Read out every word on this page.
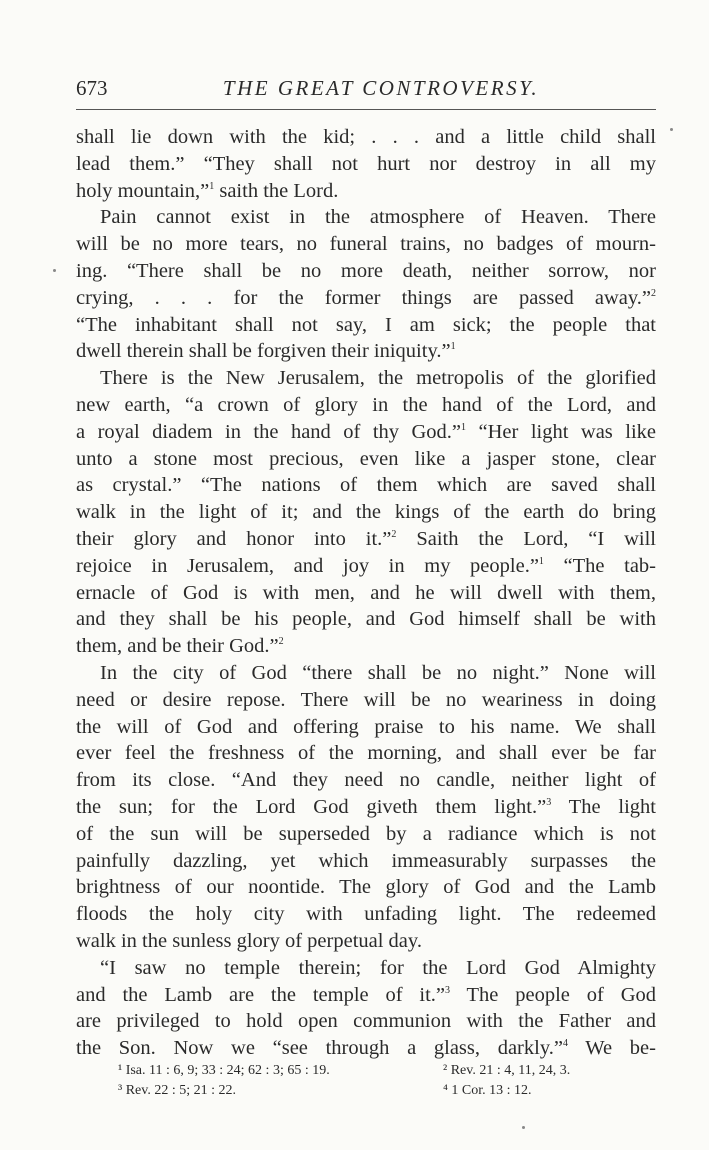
673	THE GREAT CONTROVERSY.
shall lie down with the kid; . . . and a little child shall
lead them.” “They shall not hurt nor destroy in all my
holy mountain,”$^1$ saith the Lord.
Pain cannot exist in the atmosphere of Heaven. There
will be no more tears, no funeral trains, no badges of mourn-
ing. “There shall be no more death, neither sorrow, nor
crying, . . . for the former things are passed away.”$^2$
“The inhabitant shall not say, I am sick; the people that
dwell therein shall be forgiven their iniquity.”$^1$
There is the New Jerusalem, the metropolis of the glorified
new earth, “a crown of glory in the hand of the Lord, and
a royal diadem in the hand of thy God.”$^1$ “Her light was like
unto a stone most precious, even like a jasper stone, clear
as crystal.” “The nations of them which are saved shall
walk in the light of it; and the kings of the earth do bring
their glory and honor into it.”$^2$ Saith the Lord, “I will
rejoice in Jerusalem, and joy in my people.”$^1$ “The tab-
ernacle of God is with men, and he will dwell with them,
and they shall be his people, and God himself shall be with
them, and be their God.”$^2$
In the city of God “there shall be no night.” None will
need or desire repose. There will be no weariness in doing
the will of God and offering praise to his name. We shall
ever feel the freshness of the morning, and shall ever be far
from its close. “And they need no candle, neither light of
the sun; for the Lord God giveth them light.”$^3$ The light
of the sun will be superseded by a radiance which is not
painfully dazzling, yet which immeasurably surpasses the
brightness of our noontide. The glory of God and the Lamb
floods the holy city with unfading light. The redeemed
walk in the sunless glory of perpetual day.
“I saw no temple therein; for the Lord God Almighty
and the Lamb are the temple of it.”$^3$ The people of God
are privileged to hold open communion with the Father and
the Son. Now we “see through a glass, darkly.”$^4$ We be-
¹ Isa. 11 : 6, 9; 33 : 24; 62 : 3; 65 : 19.	² Rev. 21 : 4, 11, 24, 3.
³ Rev. 22 : 5; 21 : 22.	⁴ 1 Cor. 13 : 12.
